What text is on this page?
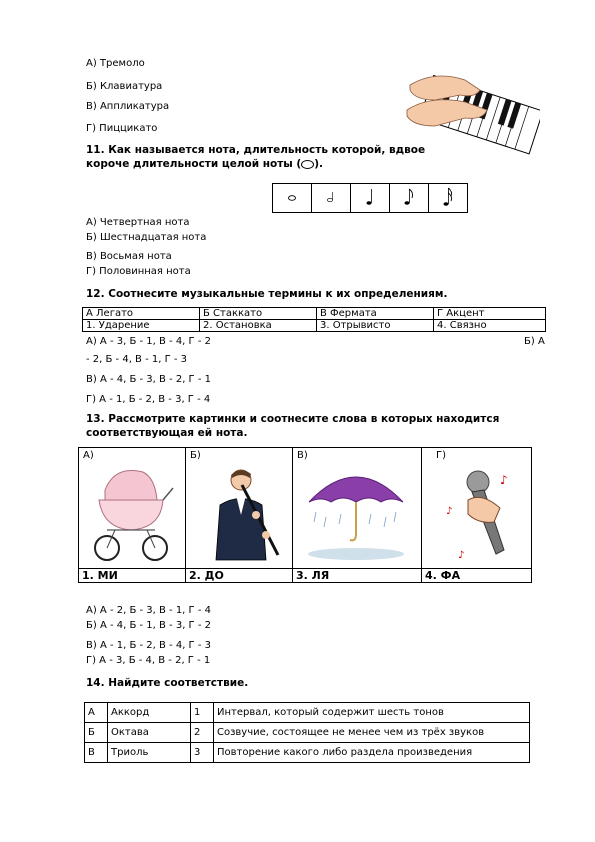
А) Тремоло
Б) Клавиатура
В) Аппликатура
Г) Пиццикато
11. Как называется нота, длительность которой, вдвое
короче длительности целой ноты ( ).

А) Четвертная нота
Б) Шестнадцатая нота
В) Восьмая нота
Г) Половинная нота
12. Соотнесите музыкальные термины к их определениям.
А Легато	Б Стаккато	В Фермата	Г Акцент
1. Ударение	2. Остановка	3. Отрывисто	4. Связно
А) А - 3, Б - 1, В - 4, Г - 2	Б) А
- 2, Б - 4, В - 1, Г - 3
В) А - 4, Б - 3, В - 2, Г - 1
Г) А - 1, Б - 2, В - 3, Г - 4
13. Рассмотрите картинки и соотнесите слова в которых находится
соответствующая ей нота.
А)	Б)	В)	Г)
♪
♪
♪

1. МИ	2. ДО	3. ЛЯ	4. ФА
А) А - 2, Б - 3, В - 1, Г - 4
Б) А - 4, Б - 1, В - 3, Г - 2
В) А - 1, Б - 2, В - 4, Г - 3
Г) А - 3, Б - 4, В - 2, Г - 1
14. Найдите соответствие.
А	Аккорд	1	Интервал, который содержит шесть тонов
Б	Октава	2	Созвучие, состоящее не менее чем из трёх звуков
В	Триоль	3	Повторение какого либо раздела произведения
